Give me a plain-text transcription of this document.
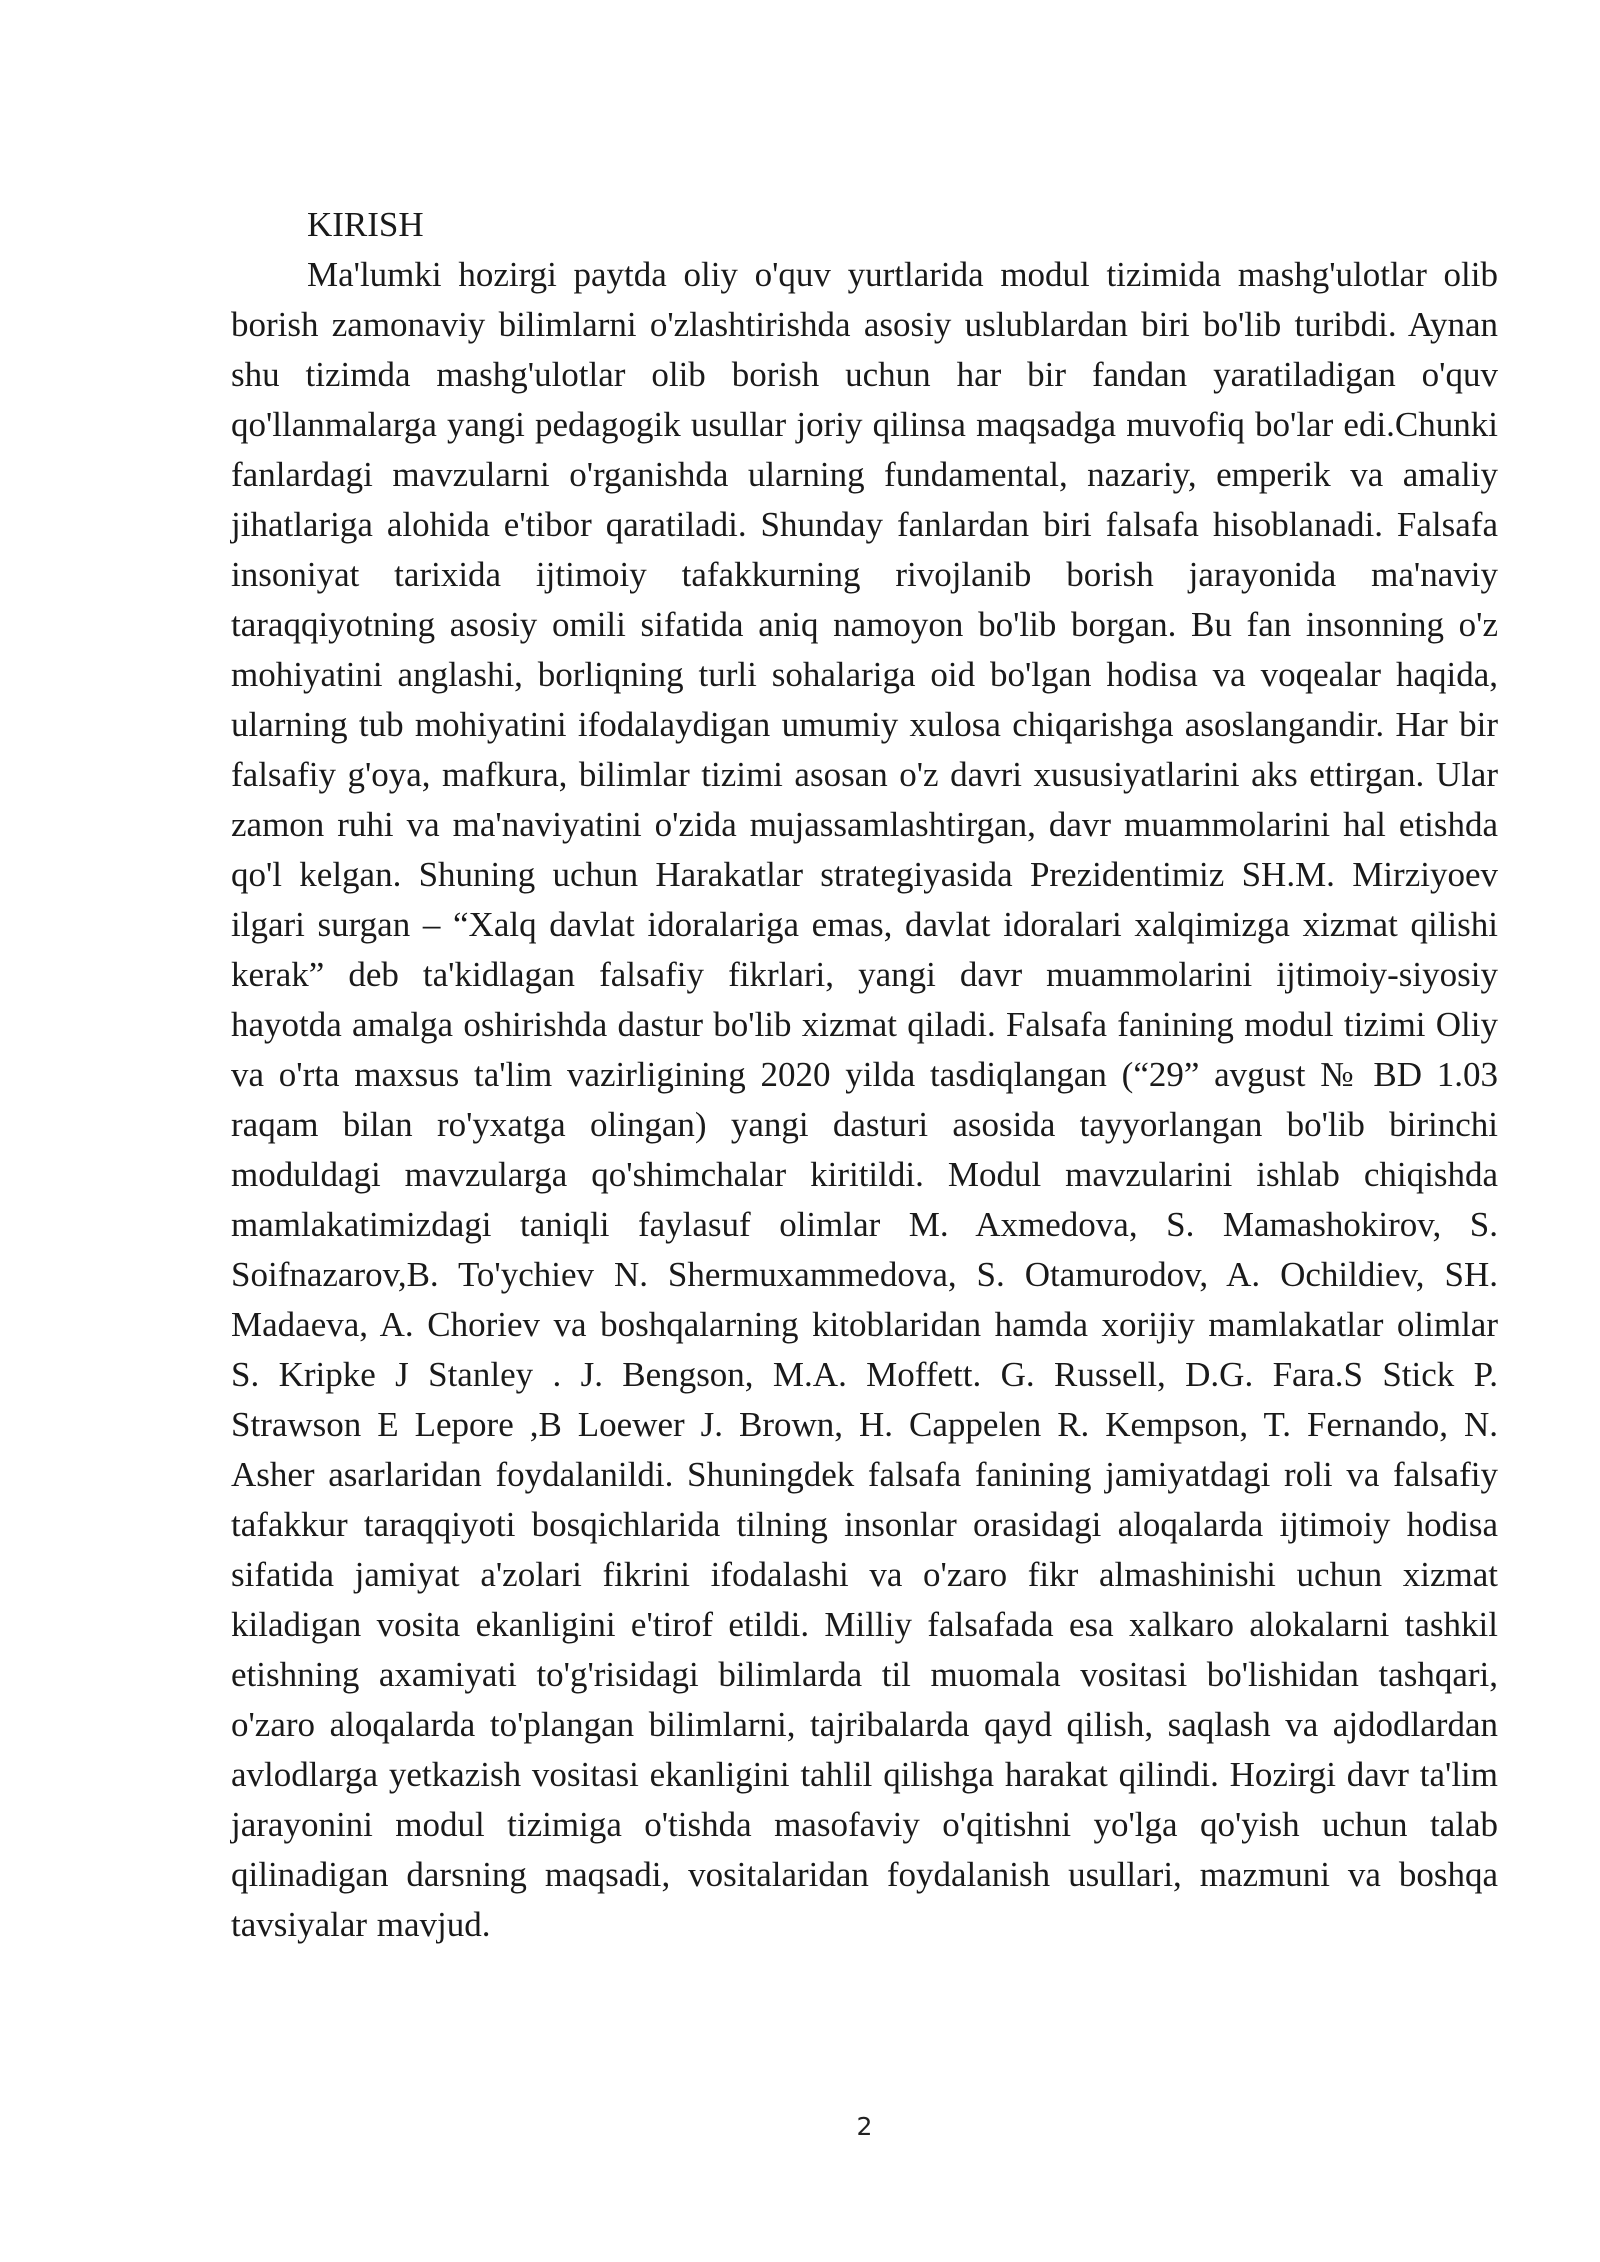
KIRISH

Ma'lumki hozirgi paytda oliy o'quv yurtlarida modul tizimida mashg'ulotlar olib borish zamonaviy bilimlarni o'zlashtirishda asosiy uslublardan biri bo'lib turibdi. Aynan shu tizimda mashg'ulotlar olib borish uchun har bir fandan yaratiladigan o'quv qo'llanmalarga yangi pedagogik usullar joriy qilinsa maqsadga muvofiq bo'lar edi.Chunki fanlardagi mavzularni o'rganishda ularning fundamental, nazariy, emperik va amaliy jihatlariga alohida e'tibor qaratiladi. Shunday fanlardan biri falsafa hisoblanadi. Falsafa insoniyat tarixida ijtimoiy tafakkurning rivojlanib borish jarayonida ma'naviy taraqqiyotning asosiy omili sifatida aniq namoyon bo'lib borgan. Bu fan insonning o'z mohiyatini anglashi, borliqning turli sohalariga oid bo'lgan hodisa va voqealar haqida, ularning tub mohiyatini ifodalaydigan umumiy xulosa chiqarishga asoslangandir. Har bir falsafiy g'oya, mafkura, bilimlar tizimi asosan o'z davri xususiyatlarini aks ettirgan. Ular zamon ruhi va ma'naviyatini o'zida mujassamlashtirgan, davr muammolarini hal etishda qo'l kelgan. Shuning uchun Harakatlar strategiyasida Prezidentimiz SH.M. Mirziyoev ilgari surgan – “Xalq davlat idoralariga emas, davlat idoralari xalqimizga xizmat qilishi kerak” deb ta'kidlagan falsafiy fikrlari, yangi davr muammolarini ijtimoiy-siyosiy hayotda amalga oshirishda dastur bo'lib xizmat qiladi. Falsafa fanining modul tizimi Oliy va o'rta maxsus ta'lim vazirligining 2020 yilda tasdiqlangan (“29” avgust № BD 1.03 raqam bilan ro'yxatga olingan) yangi dasturi asosida tayyorlangan bo'lib birinchi moduldagi mavzularga qo'shimchalar kiritildi. Modul mavzularini ishlab chiqishda mamlakatimizdagi taniqli faylasuf olimlar M. Axmedova, S. Mamashokirov, S. Soifnazarov,B. To'ychiev N. Shermuxammedova, S. Otamurodov, A. Ochildiev, SH. Madaeva, A. Choriev va boshqalarning kitoblaridan hamda xorijiy mamlakatlar olimlar S. Kripke J Stanley . J. Bengson, M.A. Moffett. G. Russell, D.G. Fara.S Stick P. Strawson E Lepore ,B Loewer J. Brown, H. Cappelen R. Kempson, T. Fernando, N. Asher asarlaridan foydalanildi. Shuningdek falsafa fanining jamiyatdagi roli va falsafiy tafakkur taraqqiyoti bosqichlarida tilning insonlar orasidagi aloqalarda ijtimoiy hodisa sifatida jamiyat a'zolari fikrini ifodalashi va o'zaro fikr almashinishi uchun xizmat kiladigan vosita ekanligini e'tirof etildi. Milliy falsafada esa xalkaro alokalarni tashkil etishning axamiyati to'g'risidagi bilimlarda til muomala vositasi bo'lishidan tashqari, o'zaro aloqalarda to'plangan bilimlarni, tajribalarda qayd qilish, saqlash va ajdodlardan avlodlarga yetkazish vositasi ekanligini tahlil qilishga harakat qilindi. Hozirgi davr ta'lim jarayonini modul tizimiga o'tishda masofaviy o'qitishni yo'lga qo'yish uchun talab qilinadigan darsning maqsadi, vositalaridan foydalanish usullari, mazmuni va boshqa tavsiyalar mavjud.

2
